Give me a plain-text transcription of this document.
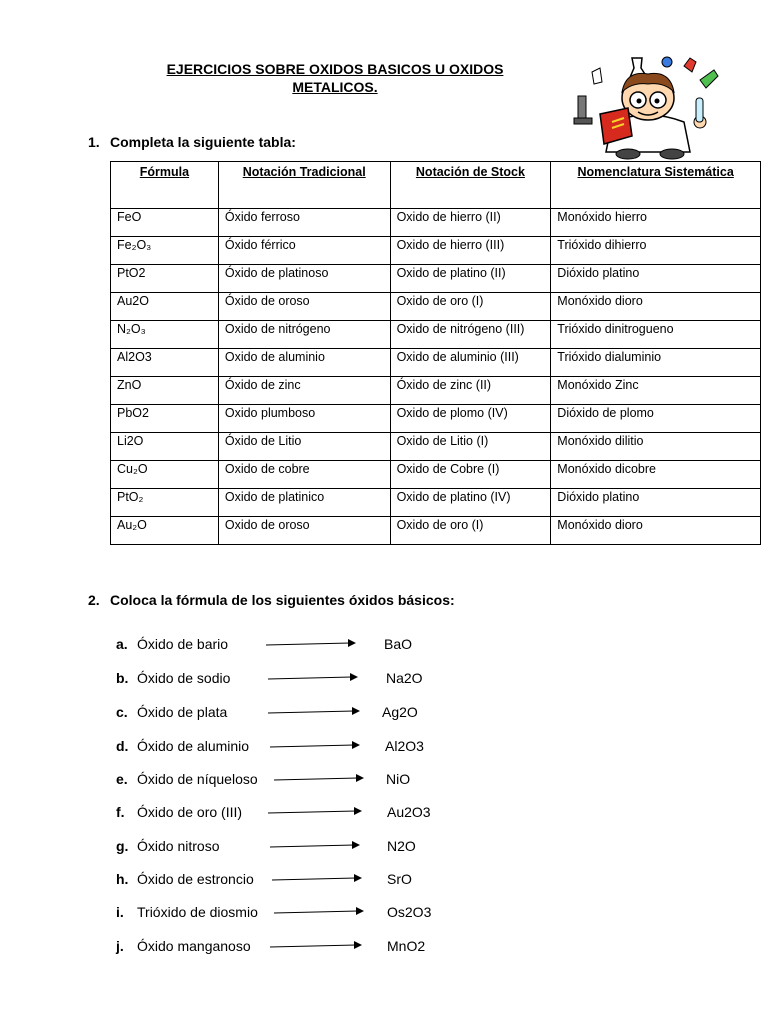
EJERCICIOS SOBRE OXIDOS BASICOS U OXIDOS
METALICOS.
1. Completa la siguiente tabla:
Fórmula	Notación Tradicional	Notación de Stock	Nomenclatura Sistemática
FeO	Óxido ferroso	Oxido de hierro (II)	Monóxido hierro
Fe₂O₃	Óxido férrico	Oxido de hierro (III)	Trióxido dihierro
PtO2	Óxido de platinoso	Oxido de platino (II)	Dióxido platino
Au2O	Óxido de oroso	Oxido de oro (I)	Monóxido dioro
N₂O₃	Oxido de nitrógeno	Oxido de nitrógeno (III)	Trióxido dinitrogueno
Al2O3	Oxido de aluminio	Oxido de aluminio (III)	Trióxido dialuminio
ZnO	Óxido de zinc	Óxido de zinc (II)	Monóxido Zinc
PbO2	Oxido plumboso	Oxido de plomo (IV)	Dióxido de plomo
Li2O	Óxido de Litio	Oxido de Litio (I)	Monóxido dilitio
Cu₂O	Oxido de cobre	Oxido de Cobre (I)	Monóxido dicobre
PtO₂	Oxido de platinico	Oxido de platino (IV)	Dióxido platino
Au₂O	Oxido de oroso	Oxido de oro (I)	Monóxido dioro
2. Coloca la fórmula de los siguientes óxidos básicos:
a. Óxido de bario	BaO
b. Óxido de sodio	Na2O
c. Óxido de plata	Ag2O
d. Óxido de aluminio	Al2O3
e. Óxido de níqueloso	NiO
f. Óxido de oro (III)	Au2O3
g. Óxido nitroso	N2O
h. Óxido de estroncio	SrO
i. Trióxido de diosmio	Os2O3
j. Óxido manganoso	MnO2
